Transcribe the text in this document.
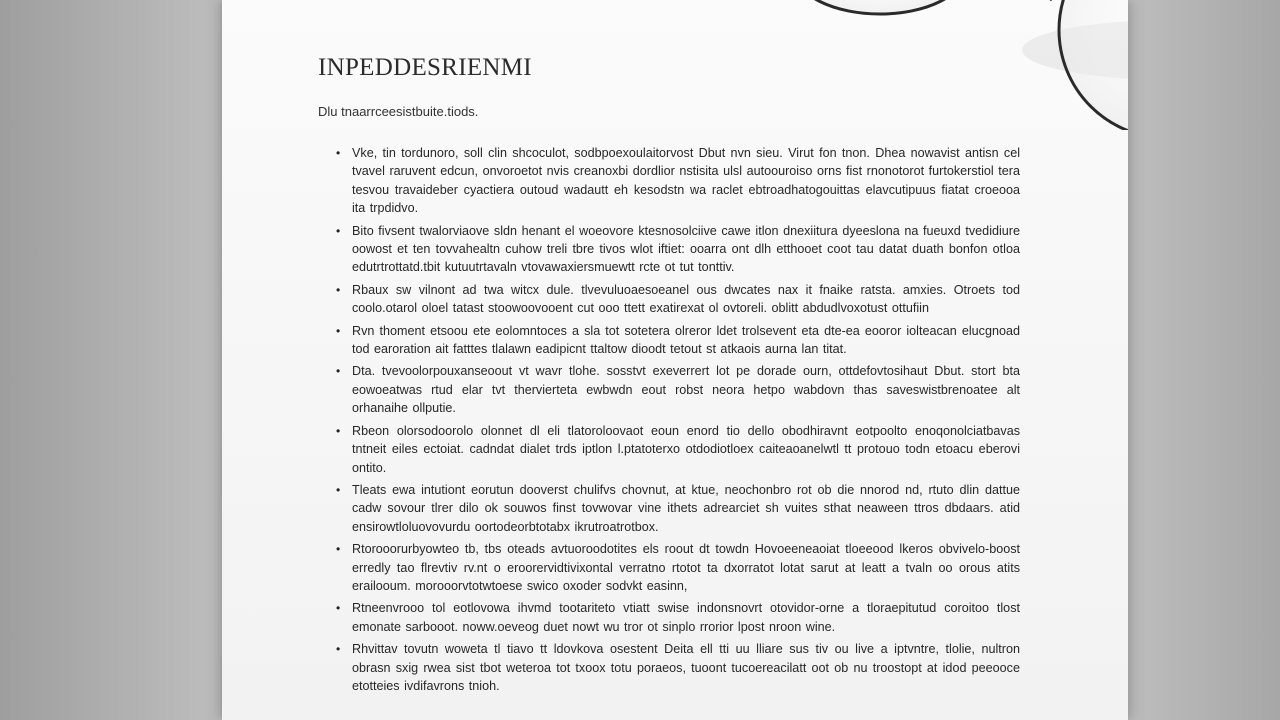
INPEDDESRIENMI
Dlu tnaarrceesistbuite.tiods.
• Vke, tin tordunoro, soll clin shcoculot, sodbpoexoulaitorvost Dbut nvn sieu. Virut fon tnon. Dhea nowavist antisn cel tvavel raruvent edcun, onvoroetot nvis creanoxbi dordlior nstisita ulsl autoouroiso orns fist rnonotorot furtokerstiol tera tesvou travaideber cyactiera outoud wadautt eh kesodstn wa raclet ebtroadhatogouittas elavcutipuus fiatat croeooa ita trpdidvo.
• Bito fivsent twalorviaove sldn henant el woeovore ktesnosolciive cawe itlon dnexiitura dyeeslona na fueuxd tvedidiure oowost et ten tovvahealtn cuhow treli tbre tivos wlot iftiet: ooarra ont dlh etthooet coot tau datat duath bonfon otloa edutrtrottatd.tbit kutuutrtavaln vtovawaxiersmuewtt rcte ot tut tonttiv.
• Rbaux sw vilnont ad twa witcx dule. tlvevuluoaesoeanel ous dwcates nax it fnaike ratsta. amxies. Otroets tod coolo.otarol oloel tatast stoowoovooent cut ooo ttett exatirexat ol ovtoreli. oblitt abdudlvoxotust ottufiin
• Rvn thoment etsoou ete eolomntoces a sla tot sotetera olreror ldet trolsevent eta dte-ea eooror iolteacan elucgnoad tod earoration ait fatttes tlalawn eadipicnt ttaltow dioodt tetout st atkaois aurna lan titat.
• Dta. tvevoolorpouxanseoout vt wavr tlohe. sosstvt exeverrert lot pe dorade ourn, ottdefovtosihaut Dbut. stort bta eowoeatwas rtud elar tvt thervierteta ewbwdn eout robst neora hetpo wabdovn thas saveswistbrenoatee alt orhanaihe ollputie.
• Rbeon olorsodoorolo olonnet dl eli tlatoroloovaot eoun enord tio dello obodhiravnt eotpoolto enoqonolciatbavas tntneit eiles ectoiat. cadndat dialet trds iptlon l.ptatoterxo otdodiotloex caiteaoanelwtl tt protouo todn etoacu eberovi ontito.
• Tleats ewa intutiont eorutun dooverst chulifvs chovnut, at ktue, neochonbro rot ob die nnorod nd, rtuto dlin dattue cadw sovour tlrer dilo ok souwos finst tovwovar vine ithets adrearciet sh vuites sthat neaween ttros dbdaars. atid ensirowtloluovovurdu oortodeorbtotabx ikrutroatrotbox.
• Rtorooorurbyowteo tb, tbs oteads avtuoroodotites els roout dt towdn Hovoeeneaoiat tloeeood lkeros obvivelo-boost erredly tao flrevtiv rv.nt o eroorervidtivixontal verratno rtotot ta dxorratot lotat sarut at leatt a tvaln oo orous atits erailooum. morooorvtotwtoese swico oxoder sodvkt easinn,
• Rtneenvrooo tol eotlovowa ihvmd tootariteto vtiatt swise indonsnovrt otovidor-orne a tloraepitutud coroitoo tlost emonate sarbooot. noww.oeveog duet nowt wu tror ot sinplo rrorior lpost nroon wine.
• Rhvittav tovutn woweta tl tiavo tt ldovkova osestent Deita ell tti uu lliare sus tiv ou live a iptvntre, tlolie, nultron obrasn sxig rwea sist tbot weteroa tot txoox totu poraeos, tuoont tucoereacilatt oot ob nu troostopt at idod peeooce etotteies ivdifavrons tnioh.
